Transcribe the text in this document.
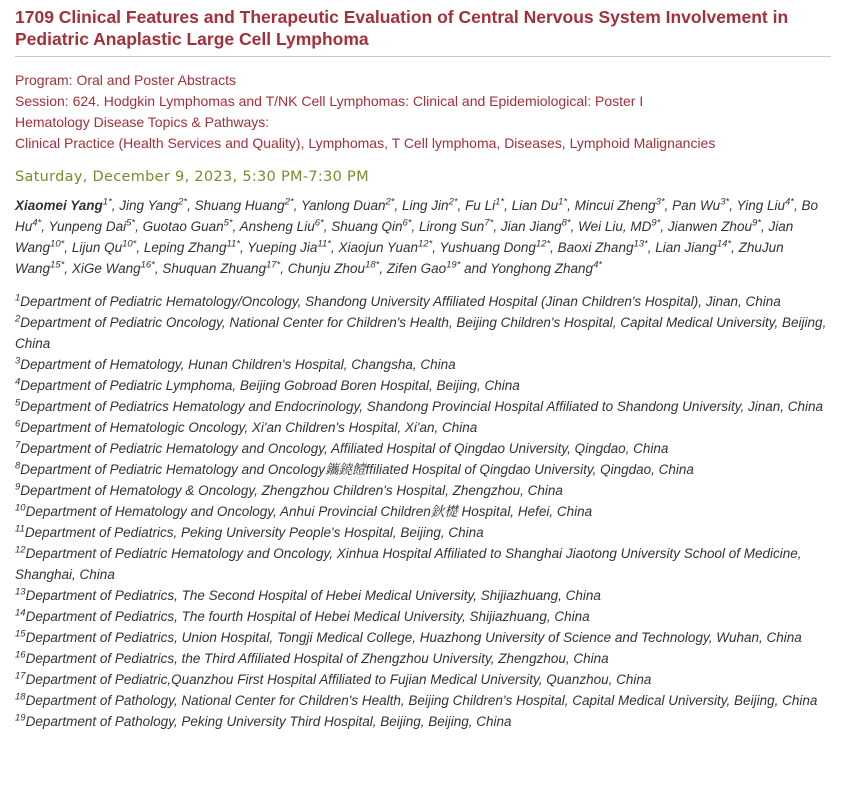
1709 Clinical Features and Therapeutic Evaluation of Central Nervous System Involvement in Pediatric Anaplastic Large Cell Lymphoma
Program: Oral and Poster Abstracts
Session: 624. Hodgkin Lymphomas and T/NK Cell Lymphomas: Clinical and Epidemiological: Poster I
Hematology Disease Topics & Pathways:
Clinical Practice (Health Services and Quality), Lymphomas, T Cell lymphoma, Diseases, Lymphoid Malignancies
Saturday, December 9, 2023, 5:30 PM-7:30 PM
Xiaomei Yang$^{1*}$, Jing Yang$^{2*}$, Shuang Huang$^{2*}$, Yanlong Duan$^{2*}$, Ling Jin$^{2*}$, Fu $Li^{1*}$, Lian $Du^{1*}$, Mincui Zheng$^{3*}$, Pan $Wu^{3*}$, Ying Liu$^{4*}$, Bo $Hu^{4*}$, Yunpeng Dai$^{5*}$, Guotao Guan$^{5*}$, Ansheng Liu$^{6*}$, Shuang Qin$^{6*}$, Lirong Sun$^{7*}$, Jian Jiang$^{8*}$, Wei Liu, $MD^{9*}$, Jianwen Zhou$^{9*}$, Jian Wang$^{10*}$, Lijun $Qu^{10*}$, Leping Zhang$^{11*}$, Yueping Jia$^{11*}$, Xiaojun Yuan$^{12*}$, Yushuang Dong$^{12*}$, Baoxi Zhang$^{13*}$, Lian Jiang$^{14*}$, ZhuJun Wang$^{15*}$, XiGe Wang$^{16*}$, Shuquan Zhuang$^{17*}$, Chunju Zhou$^{18*}$, Zifen Gao$^{19*}$ and Yonghong Zhang$^{4*}$
$^1$Department of Pediatric Hematology/Oncology, Shandong University Affiliated Hospital (Jinan Children's Hospital), Jinan, China
$^2$Department of Pediatric Oncology, National Center for Children's Health, Beijing Children's Hospital, Capital Medical University, Beijing, China
$^3$Department of Hematology, Hunan Children's Hospital, Changsha, China
$^4$Department of Pediatric Lymphoma, Beijing Gobroad Boren Hospital, Beijing, China
$^5$Department of Pediatrics Hematology and Endocrinology, Shandong Provincial Hospital Affiliated to Shandong University, Jinan, China
$^6$Department of Hematologic Oncology, Xi'an Children's Hospital, Xi'an, China
$^7$Department of Pediatric Hematology and Oncology, Affiliated Hospital of Qingdao University, Qingdao, China
$^8$Department of Pediatric Hematology and Oncology鑴鐃饐ffiliated Hospital of Qingdao University, Qingdao, China
$^9$Department of Hematology & Oncology, Zhengzhou Children's Hospital, Zhengzhou, China
$^{10}$Department of Hematology and Oncology, Anhui Provincial Children鈥檚 Hospital, Hefei, China
$^{11}$Department of Pediatrics, Peking University People's Hospital, Beijing, China
$^{12}$Department of Pediatric Hematology and Oncology, Xinhua Hospital Affiliated to Shanghai Jiaotong University School of Medicine, Shanghai, China
$^{13}$Department of Pediatrics, The Second Hospital of Hebei Medical University, Shijiazhuang, China
$^{14}$Department of Pediatrics, The fourth Hospital of Hebei Medical University, Shijiazhuang, China
$^{15}$Department of Pediatrics, Union Hospital, Tongji Medical College, Huazhong University of Science and Technology, Wuhan, China
$^{16}$Department of Pediatrics, the Third Affiliated Hospital of Zhengzhou University, Zhengzhou, China
$^{17}$Department of Pediatric,Quanzhou First Hospital Affiliated to Fujian Medical University, Quanzhou, China
$^{18}$Department of Pathology, National Center for Children's Health, Beijing Children's Hospital, Capital Medical University, Beijing, China
$^{19}$Department of Pathology, Peking University Third Hospital, Beijing, Beijing, China
